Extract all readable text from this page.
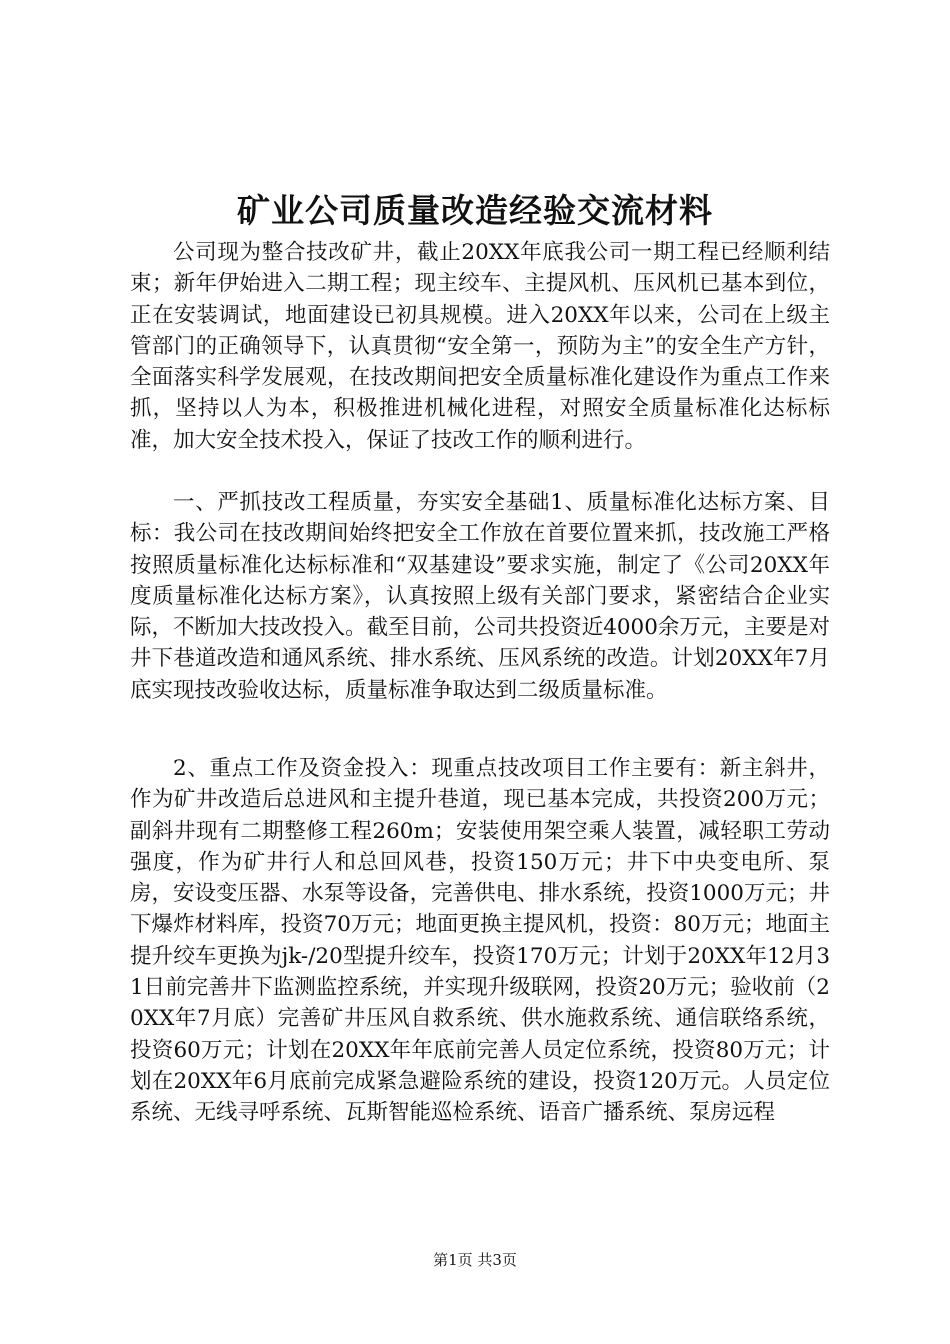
矿业公司质量改造经验交流材料

公司现为整合技改矿井，截止20XX年底我公司一期工程已经顺利结束；新年伊始进入二期工程；现主绞车、主提风机、压风机已基本到位，正在安装调试，地面建设已初具规模。进入20XX年以来，公司在上级主管部门的正确领导下，认真贯彻“安全第一，预防为主”的安全生产方针，全面落实科学发展观，在技改期间把安全质量标准化建设作为重点工作来抓，坚持以人为本，积极推进机械化进程，对照安全质量标准化达标标准，加大安全技术投入，保证了技改工作的顺利进行。

一、严抓技改工程质量，夯实安全基础1、质量标准化达标方案、目标：我公司在技改期间始终把安全工作放在首要位置来抓，技改施工严格按照质量标准化达标标准和“双基建设”要求实施，制定了《公司20XX年度质量标准化达标方案》，认真按照上级有关部门要求，紧密结合企业实际，不断加大技改投入。截至目前，公司共投资近4000余万元，主要是对井下巷道改造和通风系统、排水系统、压风系统的改造。计划20XX年7月底实现技改验收达标，质量标准争取达到二级质量标准。

2、重点工作及资金投入：现重点技改项目工作主要有：新主斜井，作为矿井改造后总进风和主提升巷道，现已基本完成，共投资200万元；副斜井现有二期整修工程260m；安装使用架空乘人装置，减轻职工劳动强度，作为矿井行人和总回风巷，投资150万元；井下中央变电所、泵房，安设变压器、水泵等设备，完善供电、排水系统，投资1000万元；井下爆炸材料库，投资70万元；地面更换主提风机，投资：80万元；地面主提升绞车更换为jk-/20型提升绞车，投资170万元；计划于20XX年12月31日前完善井下监测监控系统，并实现升级联网，投资20万元；验收前（20XX年7月底）完善矿井压风自救系统、供水施救系统、通信联络系统，投资60万元；计划在20XX年年底前完善人员定位系统，投资80万元；计划在20XX年6月底前完成紧急避险系统的建设，投资120万元。人员定位系统、无线寻呼系统、瓦斯智能巡检系统、语音广播系统、泵房远程

第1页 共3页
